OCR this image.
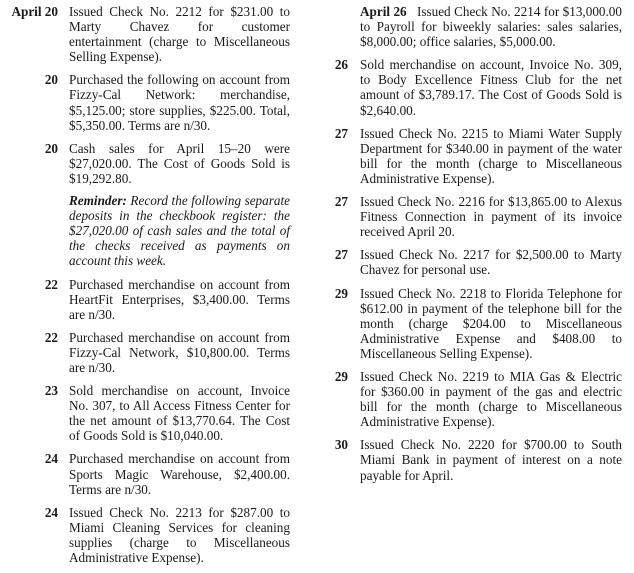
April 20 Issued Check No. 2212 for $231.00 to Marty Chavez for customer entertainment (charge to Miscellaneous Selling Expense).
20 Purchased the following on account from Fizzy-Cal Network: merchandise, $5,125.00; store supplies, $225.00. Total, $5,350.00. Terms are n/30.
20 Cash sales for April 15–20 were $27,020.00. The Cost of Goods Sold is $19,292.80.
Reminder: Record the following separate deposits in the checkbook register: the $27,020.00 of cash sales and the total of the checks received as payments on account this week.
22 Purchased merchandise on account from HeartFit Enterprises, $3,400.00. Terms are n/30.
22 Purchased merchandise on account from Fizzy-Cal Network, $10,800.00. Terms are n/30.
23 Sold merchandise on account, Invoice No. 307, to All Access Fitness Center for the net amount of $13,770.64. The Cost of Goods Sold is $10,040.00.
24 Purchased merchandise on account from Sports Magic Warehouse, $2,400.00. Terms are n/30.
24 Issued Check No. 2213 for $287.00 to Miami Cleaning Services for cleaning supplies (charge to Miscellaneous Administrative Expense).
April 26 Issued Check No. 2214 for $13,000.00 to Payroll for biweekly salaries: sales salaries, $8,000.00; office salaries, $5,000.00.
26 Sold merchandise on account, Invoice No. 309, to Body Excellence Fitness Club for the net amount of $3,789.17. The Cost of Goods Sold is $2,640.00.
27 Issued Check No. 2215 to Miami Water Supply Department for $340.00 in payment of the water bill for the month (charge to Miscellaneous Administrative Expense).
27 Issued Check No. 2216 for $13,865.00 to Alexus Fitness Connection in payment of its invoice received April 20.
27 Issued Check No. 2217 for $2,500.00 to Marty Chavez for personal use.
29 Issued Check No. 2218 to Florida Telephone for $612.00 in payment of the telephone bill for the month (charge $204.00 to Miscellaneous Administrative Expense and $408.00 to Miscellaneous Selling Expense).
29 Issued Check No. 2219 to MIA Gas & Electric for $360.00 in payment of the gas and electric bill for the month (charge to Miscellaneous Administrative Expense).
30 Issued Check No. 2220 for $700.00 to South Miami Bank in payment of interest on a note payable for April.
